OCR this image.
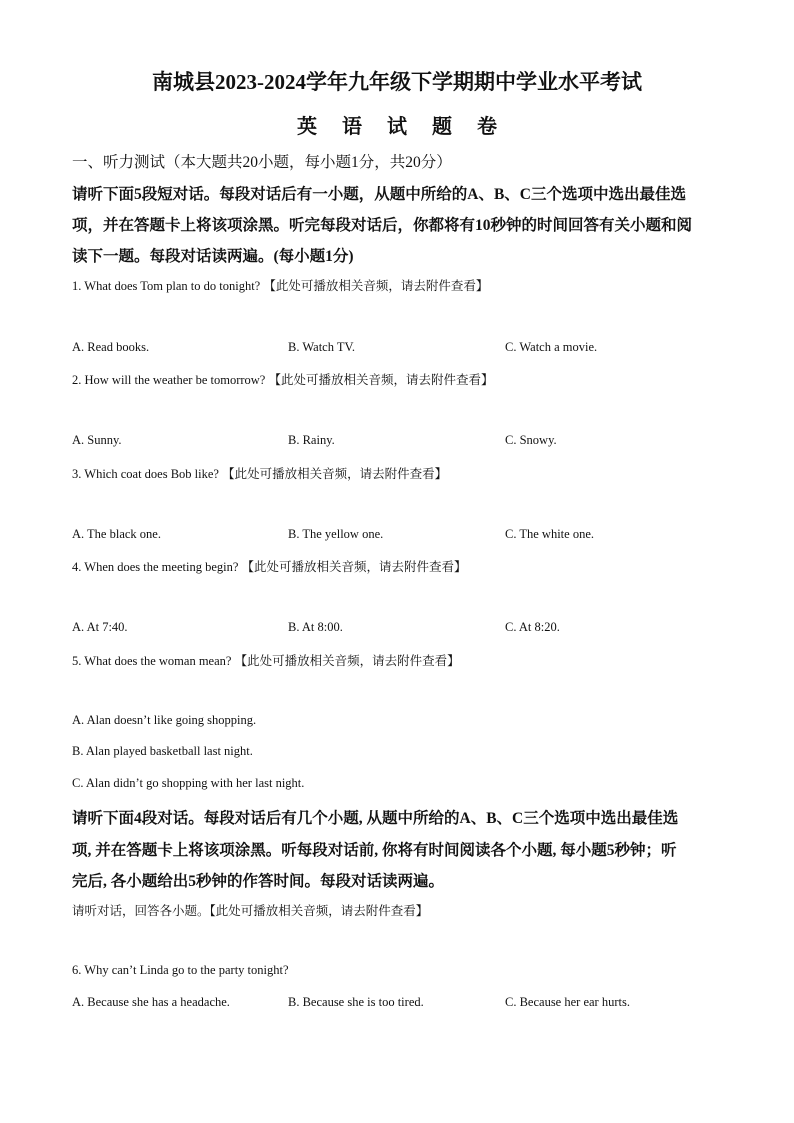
南城县2023-2024学年九年级下学期期中学业水平考试
英 语 试 题 卷
一、听力测试（本大题共20小题，每小题1分，共20分）
请听下面5段短对话。每段对话后有一小题，从题中所给的A、B、C三个选项中选出最佳选
项，并在答题卡上将该项涂黑。听完每段对话后，你都将有10秒钟的时间回答有关小题和阅
读下一题。每段对话读两遍。(每小题1分)
1. What does Tom plan to do tonight? 【此处可播放相关音频，请去附件查看】
A. Read books.	B. Watch TV.	C. Watch a movie.
2. How will the weather be tomorrow? 【此处可播放相关音频，请去附件查看】
A. Sunny.	B. Rainy.	C. Snowy.
3. Which coat does Bob like? 【此处可播放相关音频，请去附件查看】
A. The black one.	B. The yellow one.	C. The white one.
4. When does the meeting begin? 【此处可播放相关音频，请去附件查看】
A. At 7:40.	B. At 8:00.	C. At 8:20.
5. What does the woman mean? 【此处可播放相关音频，请去附件查看】
A. Alan doesn’t like going shopping.
B. Alan played basketball last night.
C. Alan didn’t go shopping with her last night.
请听下面4段对话。每段对话后有几个小题, 从题中所给的A、B、C三个选项中选出最佳选
项, 并在答题卡上将该项涂黑。听每段对话前, 你将有时间阅读各个小题, 每小题5秒钟；听
完后, 各小题给出5秒钟的作答时间。每段对话读两遍。
请听对话，回答各小题。【此处可播放相关音频，请去附件查看】
6. Why can’t Linda go to the party tonight?
A. Because she has a headache.	B. Because she is too tired.	C. Because her ear hurts.
